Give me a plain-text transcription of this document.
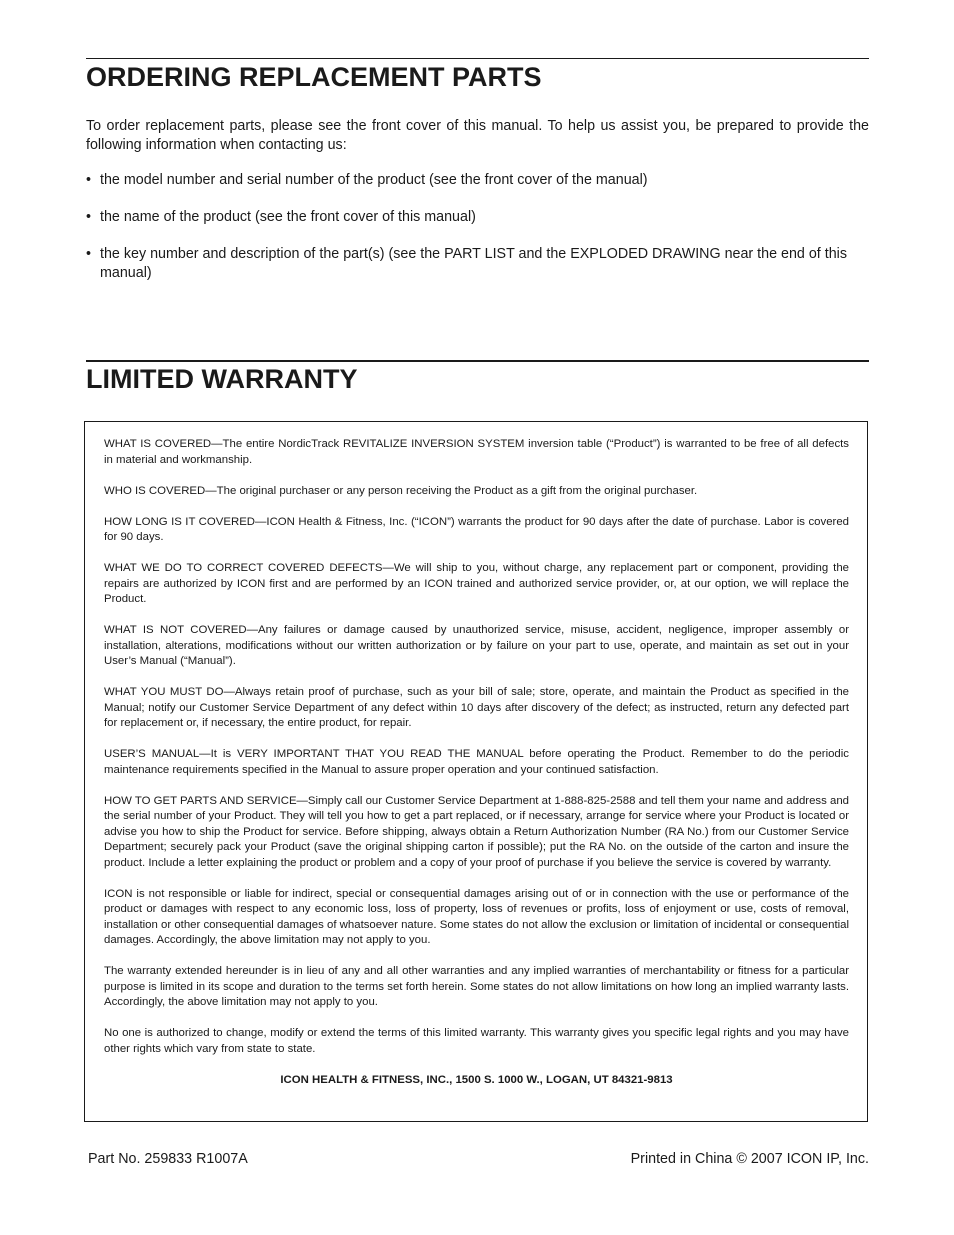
ORDERING REPLACEMENT PARTS

To order replacement parts, please see the front cover of this manual. To help us assist you, be prepared to provide the following information when contacting us:

• the model number and serial number of the product (see the front cover of the manual)
• the name of the product (see the front cover of this manual)
• the key number and description of the part(s) (see the PART LIST and the EXPLODED DRAWING near the end of this manual)
LIMITED WARRANTY

WHAT IS COVERED—The entire NordicTrack REVITALIZE INVERSION SYSTEM inversion table (“Product”) is warranted to be free of all defects in material and workmanship.

WHO IS COVERED—The original purchaser or any person receiving the Product as a gift from the original purchaser.

HOW LONG IS IT COVERED—ICON Health & Fitness, Inc. (“ICON”) warrants the product for 90 days after the date of purchase. Labor is covered for 90 days.

WHAT WE DO TO CORRECT COVERED DEFECTS—We will ship to you, without charge, any replacement part or component, providing the repairs are authorized by ICON first and are performed by an ICON trained and authorized service provider, or, at our option, we will replace the Product.

WHAT IS NOT COVERED—Any failures or damage caused by unauthorized service, misuse, accident, negligence, improper assembly or installation, alterations, modifications without our written authorization or by failure on your part to use, operate, and maintain as set out in your User’s Manual (“Manual”).

WHAT YOU MUST DO—Always retain proof of purchase, such as your bill of sale; store, operate, and maintain the Product as specified in the Manual; notify our Customer Service Department of any defect within 10 days after discovery of the defect; as instructed, return any defected part for replacement or, if necessary, the entire product, for repair.

USER’S MANUAL—It is VERY IMPORTANT THAT YOU READ THE MANUAL before operating the Product. Remember to do the periodic maintenance requirements specified in the Manual to assure proper operation and your continued satisfaction.

HOW TO GET PARTS AND SERVICE—Simply call our Customer Service Department at 1-888-825-2588 and tell them your name and address and the serial number of your Product. They will tell you how to get a part replaced, or if necessary, arrange for service where your Product is located or advise you how to ship the Product for service. Before shipping, always obtain a Return Authorization Number (RA No.) from our Customer Service Department; securely pack your Product (save the original shipping carton if possible); put the RA No. on the outside of the carton and insure the product. Include a letter explaining the product or problem and a copy of your proof of purchase if you believe the service is covered by warranty.

ICON is not responsible or liable for indirect, special or consequential damages arising out of or in connection with the use or performance of the product or damages with respect to any economic loss, loss of property, loss of revenues or profits, loss of enjoyment or use, costs of removal, installation or other consequential damages of whatsoever nature. Some states do not allow the exclusion or limitation of incidental or consequential damages. Accordingly, the above limitation may not apply to you.

The warranty extended hereunder is in lieu of any and all other warranties and any implied warranties of merchantability or fitness for a particular purpose is limited in its scope and duration to the terms set forth herein. Some states do not allow limitations on how long an implied warranty lasts. Accordingly, the above limitation may not apply to you.

No one is authorized to change, modify or extend the terms of this limited warranty. This warranty gives you specific legal rights and you may have other rights which vary from state to state.

ICON HEALTH & FITNESS, INC., 1500 S. 1000 W., LOGAN, UT 84321-9813

Part No. 259833 R1007A	Printed in China © 2007 ICON IP, Inc.
